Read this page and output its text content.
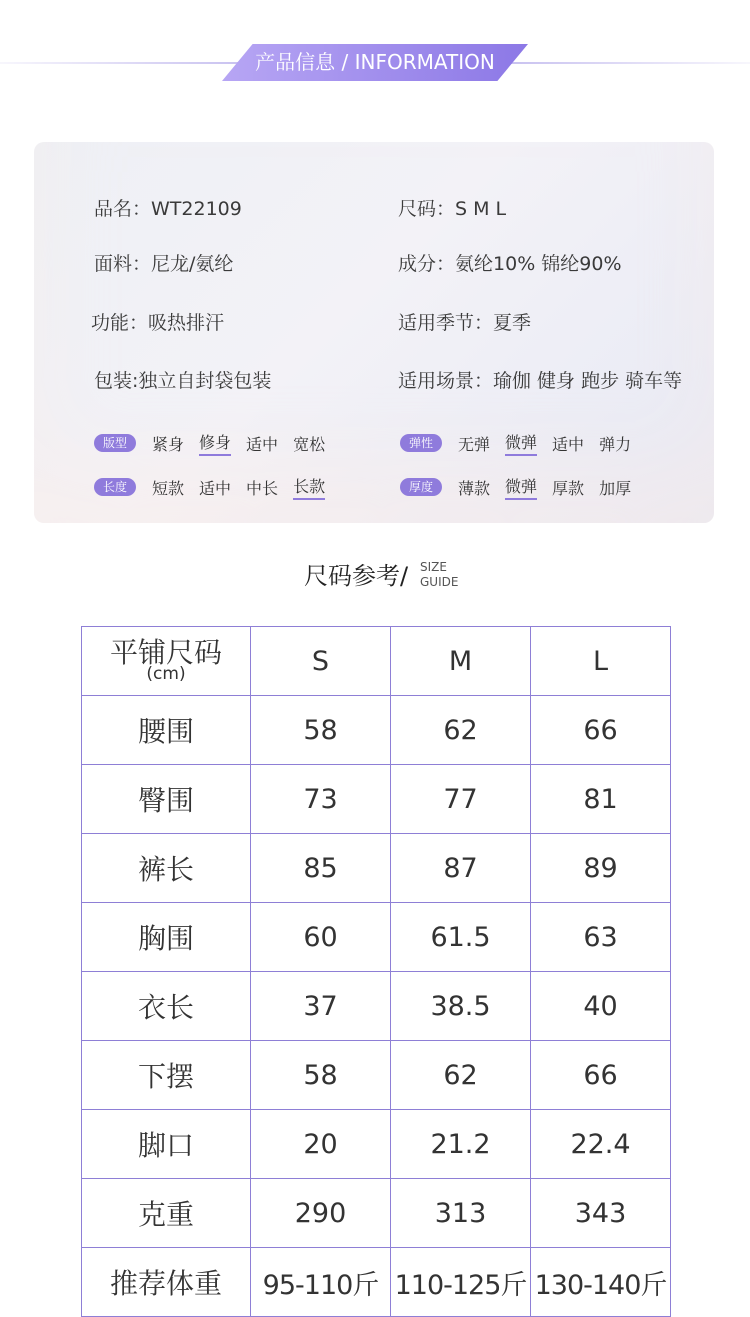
产品信息 / INFORMATION
品名：WT22109	尺码：S M L
面料：尼龙/氨纶	成分：氨纶10% 锦纶90%
功能：吸热排汗	适用季节：夏季
包装:独立自封袋包装	适用场景：瑜伽 健身 跑步 骑车等
版型	紧身 修身 适中 宽松	弹性	无弹 微弹 适中 弹力
长度	短款 适中 中长 长款	厚度	薄款 微弹 厚款 加厚
尺码参考/ SIZE
GUIDE
平铺尺码
(cm)	S	M	L
腰围	58	62	66
臀围	73	77	81
裤长	85	87	89
胸围	60	61.5	63
衣长	37	38.5	40
下摆	58	62	66
脚口	20	21.2	22.4
克重	290	313	343
推荐体重	95-110斤	110-125斤	130-140斤
